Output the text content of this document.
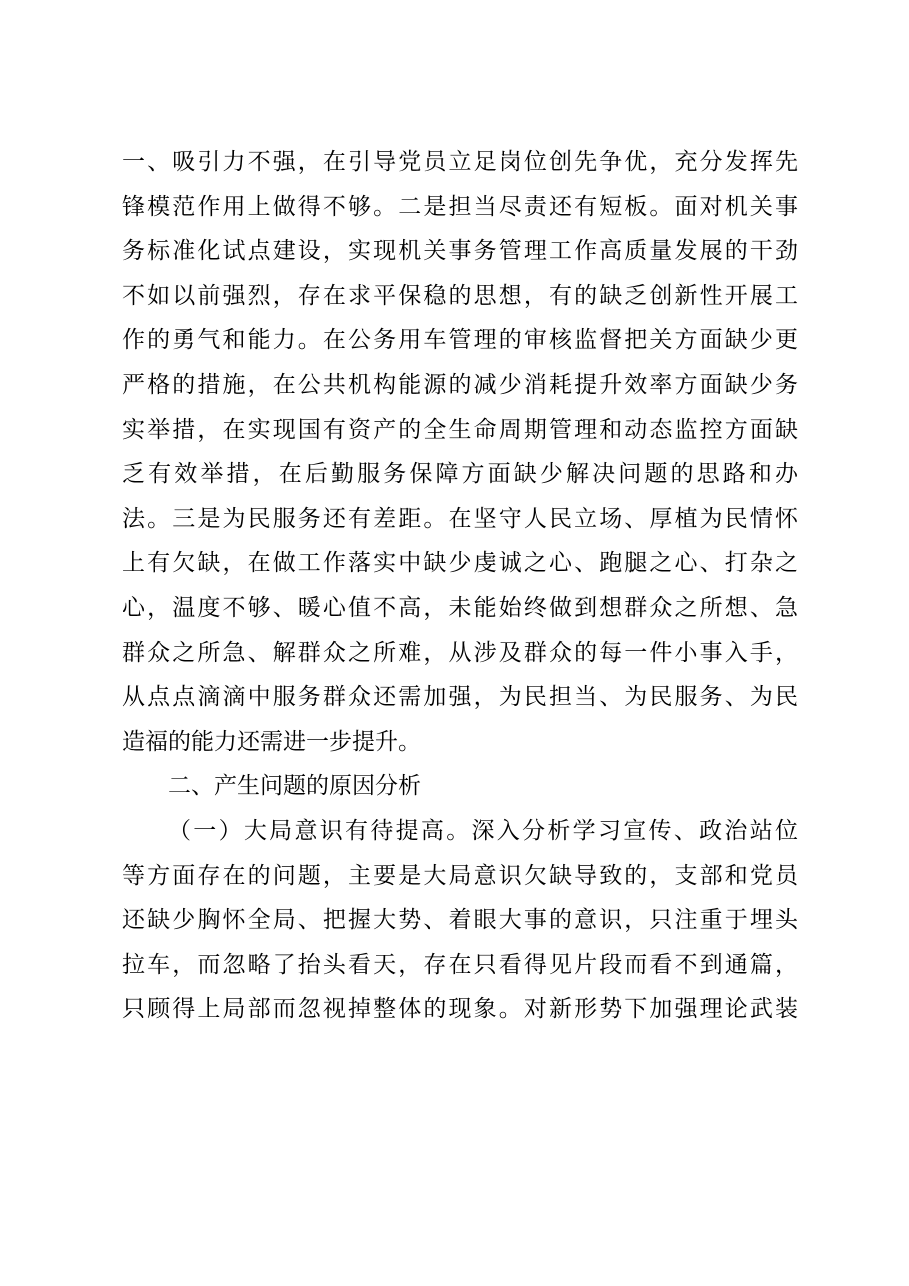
一、吸引力不强，在引导党员立足岗位创先争优，充分发挥先
锋模范作用上做得不够。二是担当尽责还有短板。面对机关事
务标准化试点建设，实现机关事务管理工作高质量发展的干劲
不如以前强烈，存在求平保稳的思想，有的缺乏创新性开展工
作的勇气和能力。在公务用车管理的审核监督把关方面缺少更
严格的措施，在公共机构能源的减少消耗提升效率方面缺少务
实举措，在实现国有资产的全生命周期管理和动态监控方面缺
乏有效举措，在后勤服务保障方面缺少解决问题的思路和办
法。三是为民服务还有差距。在坚守人民立场、厚植为民情怀
上有欠缺，在做工作落实中缺少虔诚之心、跑腿之心、打杂之
心，温度不够、暖心值不高，未能始终做到想群众之所想、急
群众之所急、解群众之所难，从涉及群众的每一件小事入手，
从点点滴滴中服务群众还需加强，为民担当、为民服务、为民
造福的能力还需进一步提升。
二、产生问题的原因分析
（一）大局意识有待提高。深入分析学习宣传、政治站位
等方面存在的问题，主要是大局意识欠缺导致的，支部和党员
还缺少胸怀全局、把握大势、着眼大事的意识，只注重于埋头
拉车，而忽略了抬头看天，存在只看得见片段而看不到通篇，
只顾得上局部而忽视掉整体的现象。对新形势下加强理论武装
